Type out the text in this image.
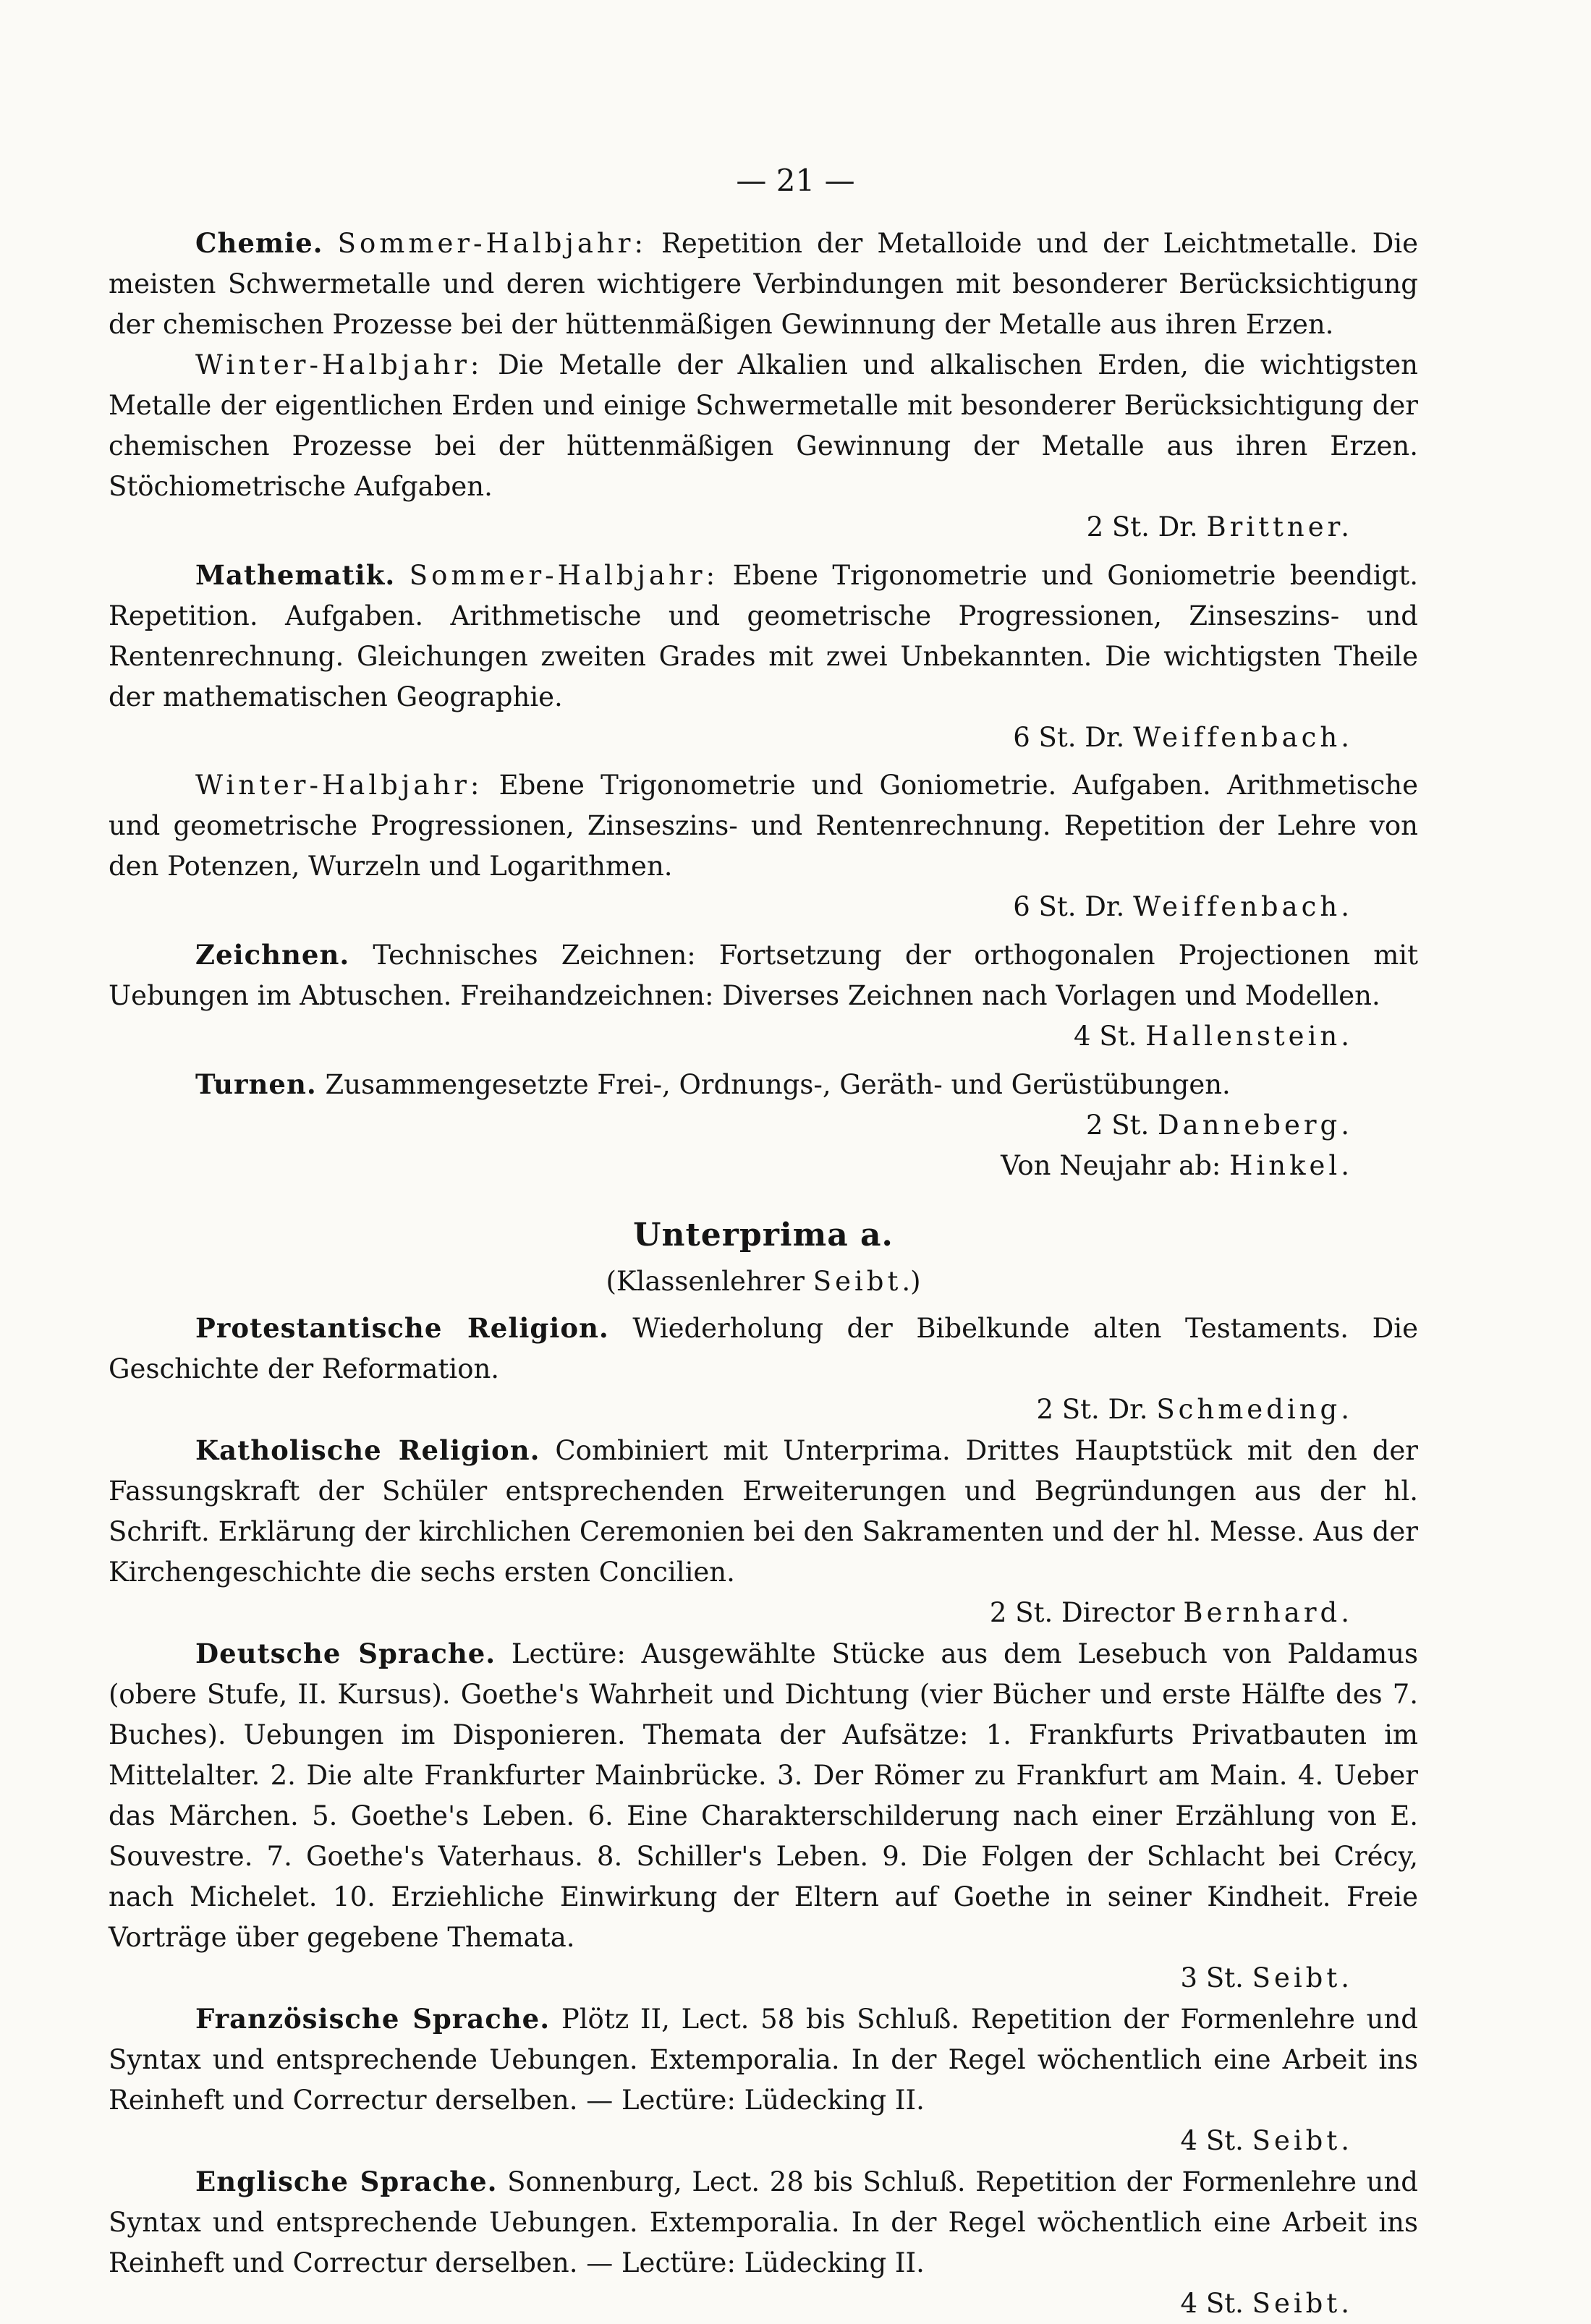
— 21 —

Chemie. Sommer-Halbjahr: Repetition der Metalloide und der Leichtmetalle. Die meisten Schwermetalle und deren wichtigere Verbindungen mit besonderer Berücksichtigung der chemischen Prozesse bei der hüttenmäßigen Gewinnung der Metalle aus ihren Erzen.

Winter-Halbjahr: Die Metalle der Alkalien und alkalischen Erden, die wichtigsten Metalle der eigentlichen Erden und einige Schwermetalle mit besonderer Berücksichtigung der chemischen Prozesse bei der hüttenmäßigen Gewinnung der Metalle aus ihren Erzen. Stöchiometrische Aufgaben.

2 St. Dr. Brittner.

Mathematik. Sommer-Halbjahr: Ebene Trigonometrie und Goniometrie beendigt. Repetition. Aufgaben. Arithmetische und geometrische Progressionen, Zinseszins- und Rentenrechnung. Gleichungen zweiten Grades mit zwei Unbekannten. Die wichtigsten Theile der mathematischen Geographie.

6 St. Dr. Weiffenbach.

Winter-Halbjahr: Ebene Trigonometrie und Goniometrie. Aufgaben. Arithmetische und geometrische Progressionen, Zinseszins- und Rentenrechnung. Repetition der Lehre von den Potenzen, Wurzeln und Logarithmen.

6 St. Dr. Weiffenbach.

Zeichnen. Technisches Zeichnen: Fortsetzung der orthogonalen Projectionen mit Uebungen im Abtuschen. Freihandzeichnen: Diverses Zeichnen nach Vorlagen und Modellen.

4 St. Hallenstein.

Turnen. Zusammengesetzte Frei-, Ordnungs-, Geräth- und Gerüstübungen.

2 St. Danneberg.

Von Neujahr ab: Hinkel.

Unterprima a.
(Klassenlehrer Seibt.)

Protestantische Religion. Wiederholung der Bibelkunde alten Testaments. Die Geschichte der Reformation.

2 St. Dr. Schmeding.

Katholische Religion. Combiniert mit Unterprima. Drittes Hauptstück mit den der Fassungskraft der Schüler entsprechenden Erweiterungen und Begründungen aus der hl. Schrift. Erklärung der kirchlichen Ceremonien bei den Sakramenten und der hl. Messe. Aus der Kirchengeschichte die sechs ersten Concilien.

2 St. Director Bernhard.

Deutsche Sprache. Lectüre: Ausgewählte Stücke aus dem Lesebuch von Paldamus (obere Stufe, II. Kursus). Goethe's Wahrheit und Dichtung (vier Bücher und erste Hälfte des 7. Buches). Uebungen im Disponieren. Themata der Aufsätze: 1. Frankfurts Privatbauten im Mittelalter. 2. Die alte Frankfurter Mainbrücke. 3. Der Römer zu Frankfurt am Main. 4. Ueber das Märchen. 5. Goethe's Leben. 6. Eine Charakterschilderung nach einer Erzählung von E. Souvestre. 7. Goethe's Vaterhaus. 8. Schiller's Leben. 9. Die Folgen der Schlacht bei Crécy, nach Michelet. 10. Erziehliche Einwirkung der Eltern auf Goethe in seiner Kindheit. Freie Vorträge über gegebene Themata.

3 St. Seibt.

Französische Sprache. Plötz II, Lect. 58 bis Schluß. Repetition der Formenlehre und Syntax und entsprechende Uebungen. Extemporalia. In der Regel wöchentlich eine Arbeit ins Reinheft und Correctur derselben. — Lectüre: Lüdecking II.

4 St. Seibt.

Englische Sprache. Sonnenburg, Lect. 28 bis Schluß. Repetition der Formenlehre und Syntax und entsprechende Uebungen. Extemporalia. In der Regel wöchentlich eine Arbeit ins Reinheft und Correctur derselben. — Lectüre: Lüdecking II.

4 St. Seibt.
